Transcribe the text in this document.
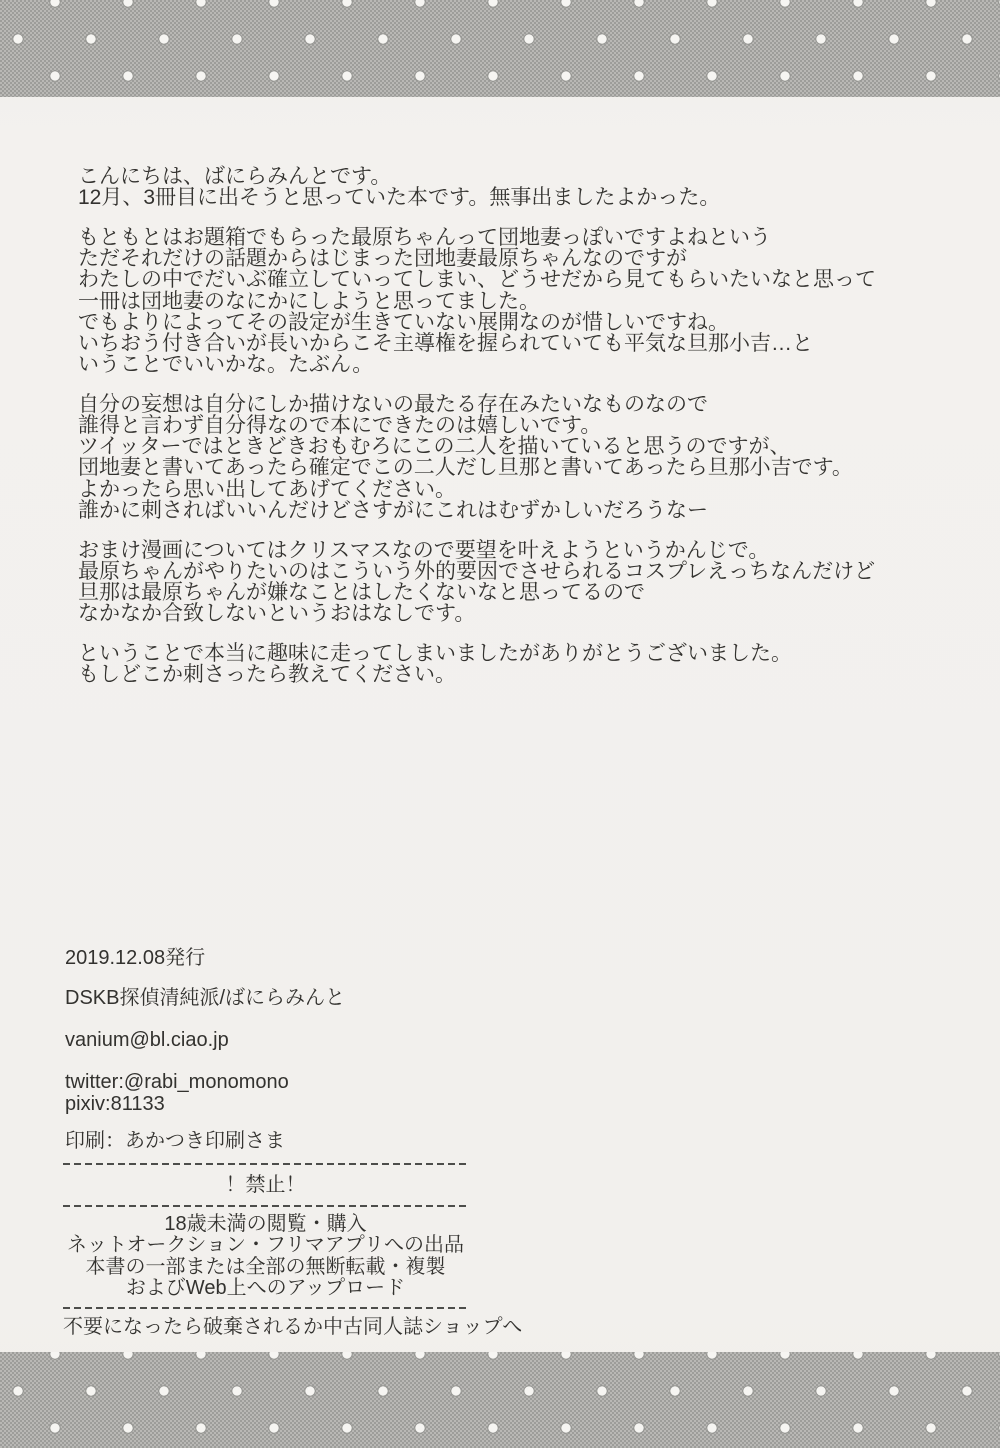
こんにちは、ばにらみんとです。
12月、3冊目に出そうと思っていた本です。無事出ましたよかった。
もともとはお題箱でもらった最原ちゃんって団地妻っぽいですよねという
ただそれだけの話題からはじまった団地妻最原ちゃんなのですが
わたしの中でだいぶ確立していってしまい、どうせだから見てもらいたいなと思って
一冊は団地妻のなにかにしようと思ってました。
でもよりによってその設定が生きていない展開なのが惜しいですね。
いちおう付き合いが長いからこそ主導権を握られていても平気な旦那小吉…と
いうことでいいかな。たぶん。
自分の妄想は自分にしか描けないの最たる存在みたいなものなので
誰得と言わず自分得なので本にできたのは嬉しいです。
ツイッターではときどきおもむろにこの二人を描いていると思うのですが、
団地妻と書いてあったら確定でこの二人だし旦那と書いてあったら旦那小吉です。
よかったら思い出してあげてください。
誰かに刺さればいいんだけどさすがにこれはむずかしいだろうなー
おまけ漫画についてはクリスマスなので要望を叶えようというかんじで。
最原ちゃんがやりたいのはこういう外的要因でさせられるコスプレえっちなんだけど
旦那は最原ちゃんが嫌なことはしたくないなと思ってるので
なかなか合致しないというおはなしです。
ということで本当に趣味に走ってしまいましたがありがとうございました。
もしどこか刺さったら教えてください。
2019.12.08発行
DSKB探偵清純派/ばにらみんと
vanium@bl.ciao.jp
twitter:@rabi_monomono
pixiv:81133
印刷：あかつき印刷さま
！禁止！
18歳未満の閲覧・購入
ネットオークション・フリマアプリへの出品
本書の一部または全部の無断転載・複製
およびWeb上へのアップロード
不要になったら破棄されるか中古同人誌ショップへ
